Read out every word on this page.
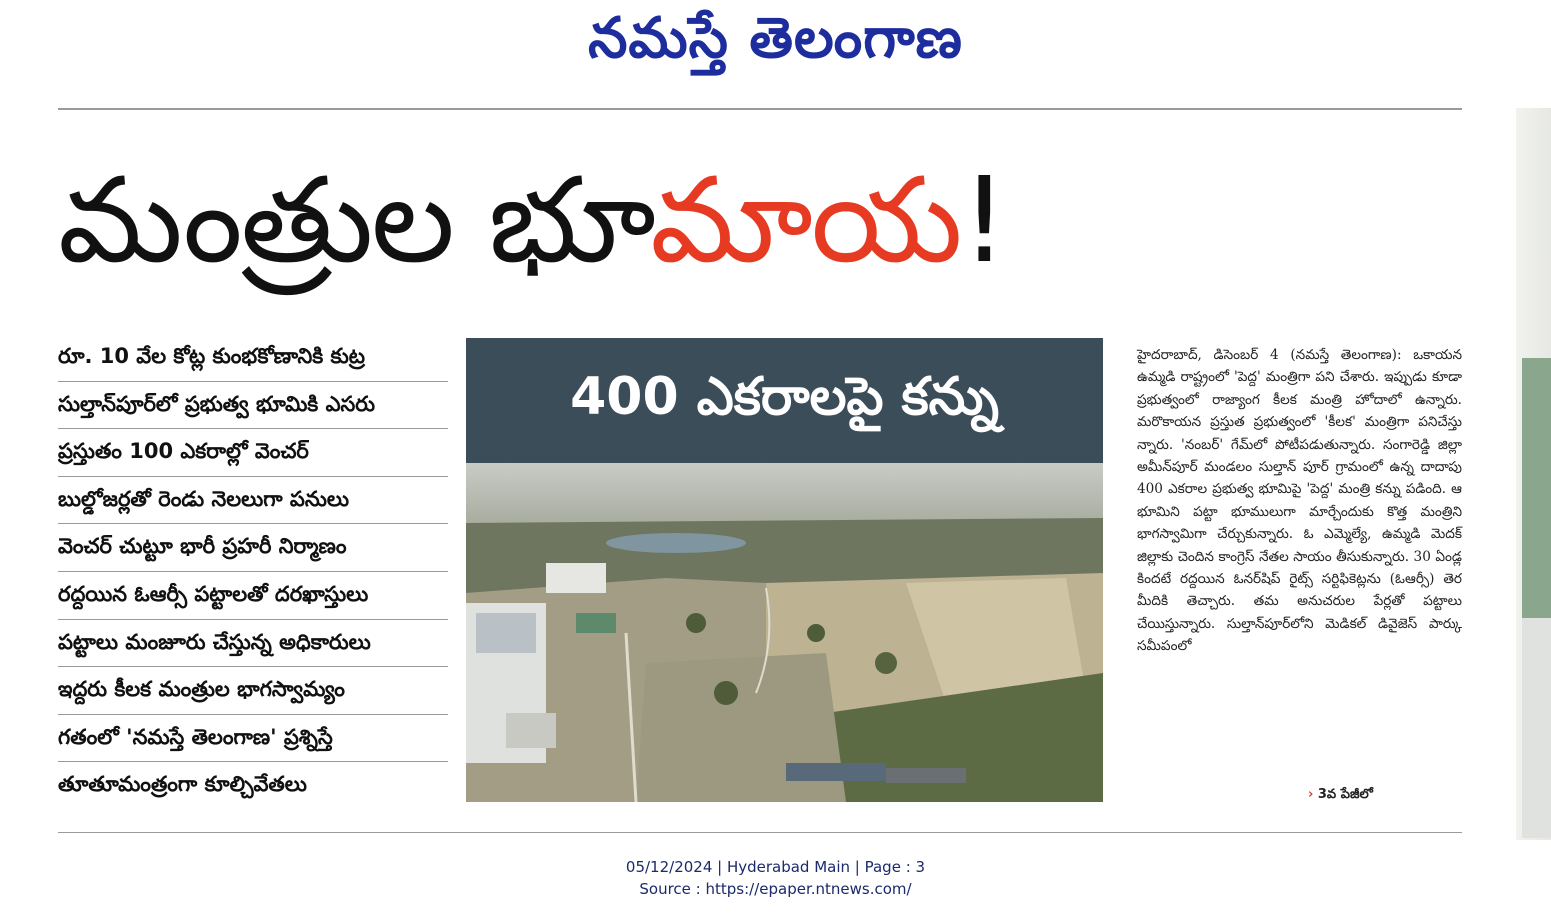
నమస్తే తెలంగాణ
మంత్రుల భూమాయ!
రూ. 10 వేల కోట్ల కుంభకోణానికి కుట్ర
సుల్తాన్‌పూర్‌లో ప్రభుత్వ భూమికి ఎసరు
ప్రస్తుతం 100 ఎకరాల్లో వెంచర్
బుల్డోజర్లతో రెండు నెలలుగా పనులు
వెంచర్ చుట్టూ భారీ ప్రహరీ నిర్మాణం
రద్దయిన ఓఆర్సీ పట్టాలతో దరఖాస్తులు
పట్టాలు మంజూరు చేస్తున్న అధికారులు
ఇద్దరు కీలక మంత్రుల భాగస్వామ్యం
గతంలో 'నమస్తే తెలంగాణ' ప్రశ్నిస్తే
తూతూమంత్రంగా కూల్చివేతలు
400 ఎకరాలపై కన్ను
హైదరాబాద్, డిసెంబర్ 4 (నమస్తే తెలంగాణ): ఒకాయన ఉమ్మడి రాష్ట్రంలో 'పెద్ద' మంత్రిగా పని చేశారు. ఇప్పుడు కూడా ప్రభుత్వంలో రాజ్యాంగ కీలక మంత్రి హోదాలో ఉన్నారు. మరొకాయన ప్రస్తుత ప్రభుత్వంలో 'కీలక' మంత్రిగా పనిచేస్తు న్నారు. 'నంబర్' గేమ్‌లో పోటీపడుతున్నారు. సంగారెడ్డి జిల్లా అమీన్‌పూర్ మండలం సుల్తాన్ పూర్ గ్రామంలో ఉన్న దాదాపు 400 ఎకరాల ప్రభుత్వ భూమిపై 'పెద్ద' మంత్రి కన్ను పడింది. ఆ భూమిని పట్టా భూములుగా మార్చేందుకు కొత్త మంత్రిని భాగస్వామిగా చేర్చుకున్నారు. ఓ ఎమ్మెల్యే, ఉమ్మడి మెదక్ జిల్లాకు చెందిన కాంగ్రెస్ నేతల సాయం తీసుకున్నారు. 30 ఏండ్ల కిందటే రద్దయిన ఓనర్‌షిప్ రైట్స్ సర్టిఫికెట్లను (ఓఆర్సీ) తెర మీదికి తెచ్చారు. తమ అనుచరుల పేర్లతో పట్టాలు చేయిస్తున్నారు. సుల్తాన్‌పూర్‌లోని మెడికల్ డివైజెస్ పార్కు సమీపంలో
› 3వ పేజీలో
05/12/2024 | Hyderabad Main | Page : 3
Source : https://epaper.ntnews.com/
